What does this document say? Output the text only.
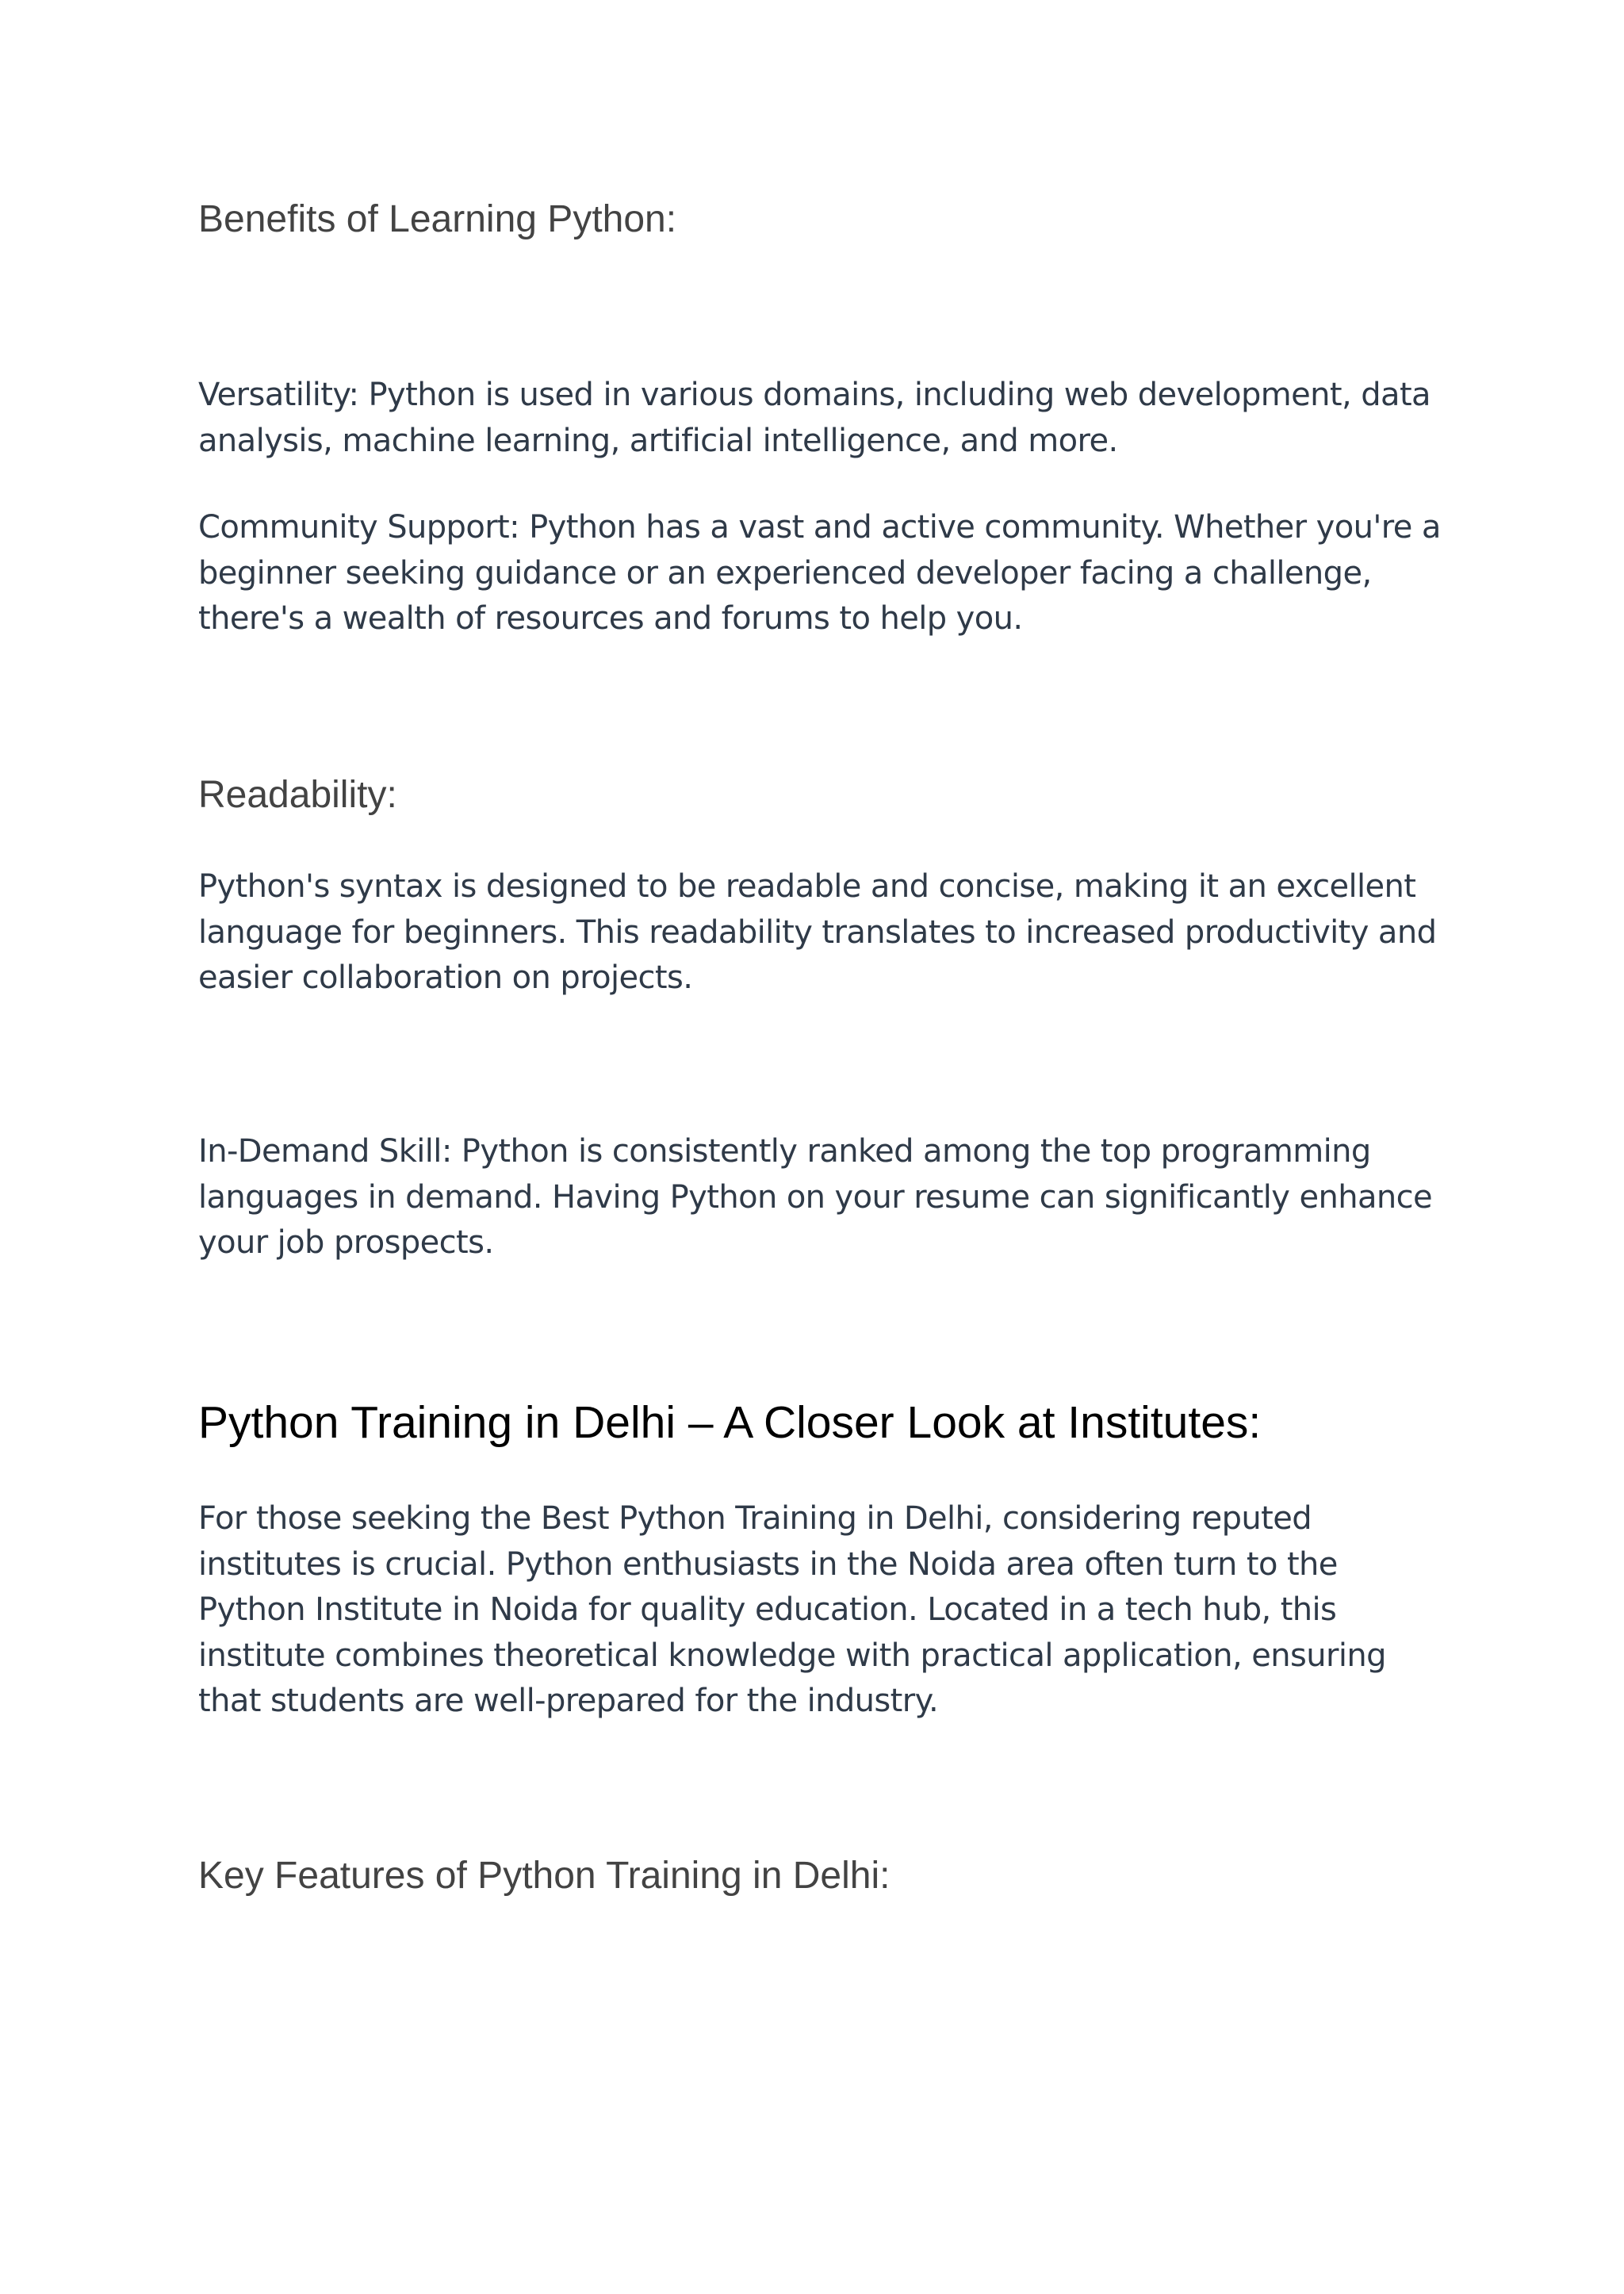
Benefits of Learning Python:

Versatility: Python is used in various domains, including web development, data analysis, machine learning, artificial intelligence, and more.

Community Support: Python has a vast and active community. Whether you're a beginner seeking guidance or an experienced developer facing a challenge, there's a wealth of resources and forums to help you.

Readability:

Python's syntax is designed to be readable and concise, making it an excellent language for beginners. This readability translates to increased productivity and easier collaboration on projects.

In-Demand Skill: Python is consistently ranked among the top programming languages in demand. Having Python on your resume can significantly enhance your job prospects.

Python Training in Delhi – A Closer Look at Institutes:

For those seeking the Best Python Training in Delhi, considering reputed institutes is crucial. Python enthusiasts in the Noida area often turn to the Python Institute in Noida for quality education. Located in a tech hub, this institute combines theoretical knowledge with practical application, ensuring that students are well-prepared for the industry.

Key Features of Python Training in Delhi:
